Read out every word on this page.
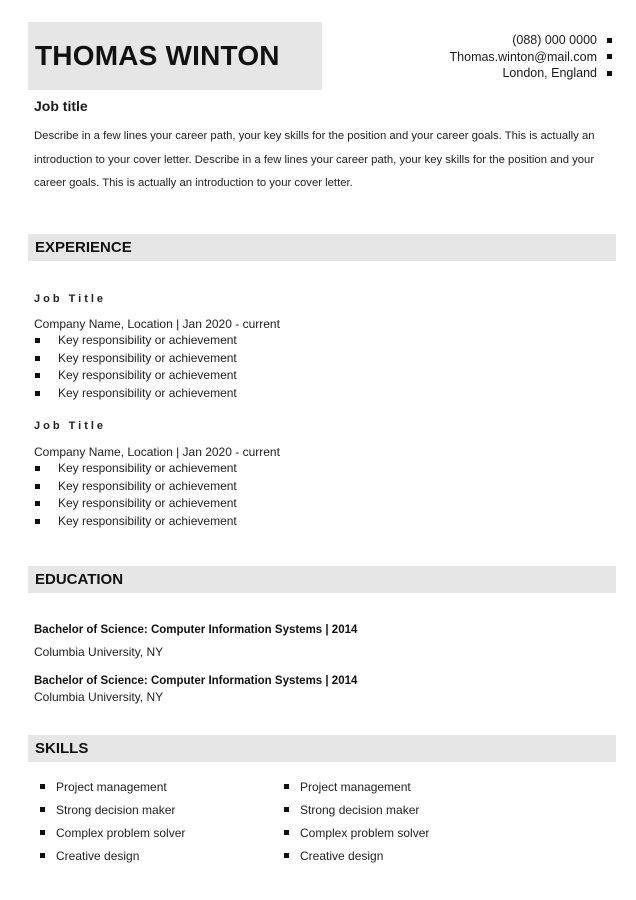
THOMAS WINTON	(088) 000 0000
Thomas.winton@mail.com
London, England
Job title

Describe in a few lines your career path, your key skills for the position and your career goals. This is actually an introduction to your cover letter. Describe in a few lines your career path, your key skills for the position and your career goals. This is actually an introduction to your cover letter.

EXPERIENCE
Job Title
Company Name, Location | Jan 2020 - current
Key responsibility or achievement
Key responsibility or achievement
Key responsibility or achievement
Key responsibility or achievement
Job Title
Company Name, Location | Jan 2020 - current
Key responsibility or achievement
Key responsibility or achievement
Key responsibility or achievement
Key responsibility or achievement
EDUCATION
Bachelor of Science: Computer Information Systems | 2014
Columbia University, NY
Bachelor of Science: Computer Information Systems | 2014
Columbia University, NY
SKILLS
Project management
Strong decision maker
Complex problem solver
Creative design
Project management
Strong decision maker
Complex problem solver
Creative design
